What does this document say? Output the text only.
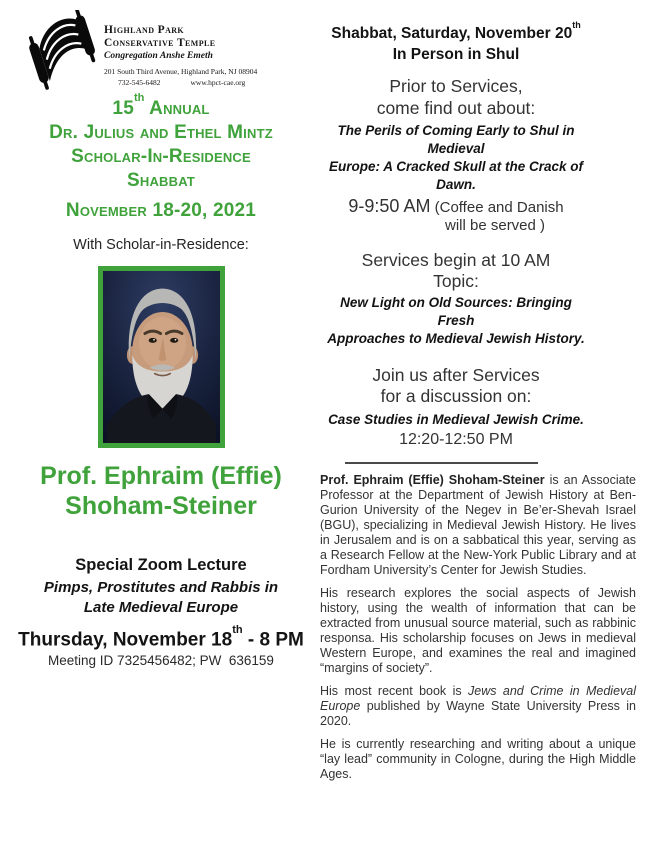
Highland Park
Conservative Temple
Congregation Anshe Emeth
201 South Third Avenue, Highland Park, NJ 08904
732-545-6482	www.hpct-cae.org
15th Annual
Dr. Julius and Ethel Mintz
Scholar-In-Residence
Shabbat
November 18-20, 2021
With Scholar-in-Residence:
Prof. Ephraim (Effie)
Shoham-Steiner
Special Zoom Lecture
Pimps, Prostitutes and Rabbis in
Late Medieval Europe
Thursday, November 18th - 8 PM
Meeting ID 7325456482; PW  636159
Shabbat, Saturday, November 20th
In Person in Shul
Prior to Services,
come find out about:
The Perils of Coming Early to Shul in Medieval
Europe: A Cracked Skull at the Crack of Dawn.
9-9:50 AM (Coffee and Danish
will be served )
Services begin at 10 AM
Topic:
New Light on Old Sources: Bringing Fresh
Approaches to Medieval Jewish History.
Join us after Services
for a discussion on:
Case Studies in Medieval Jewish Crime.
12:20-12:50 PM

Prof. Ephraim (Effie) Shoham-Steiner is an Associate Professor at the Department of Jewish History at Ben-Gurion University of the Negev in Be’er-Shevah Israel (BGU), specializing in Medieval Jewish History. He lives in Jerusalem and is on a sabbatical this year, serving as a Research Fellow at the New-York Public Library and at Fordham University’s Center for Jewish Studies.

His research explores the social aspects of Jewish history, using the wealth of information that can be extracted from unusual source material, such as rabbinic responsa. His scholarship focuses on Jews in medieval Western Europe, and examines the real and imagined “margins of society”.

His most recent book is Jews and Crime in Medieval Europe published by Wayne State University Press in 2020.

He is currently researching and writing about a unique “lay lead” community in Cologne, during the High Middle Ages.
